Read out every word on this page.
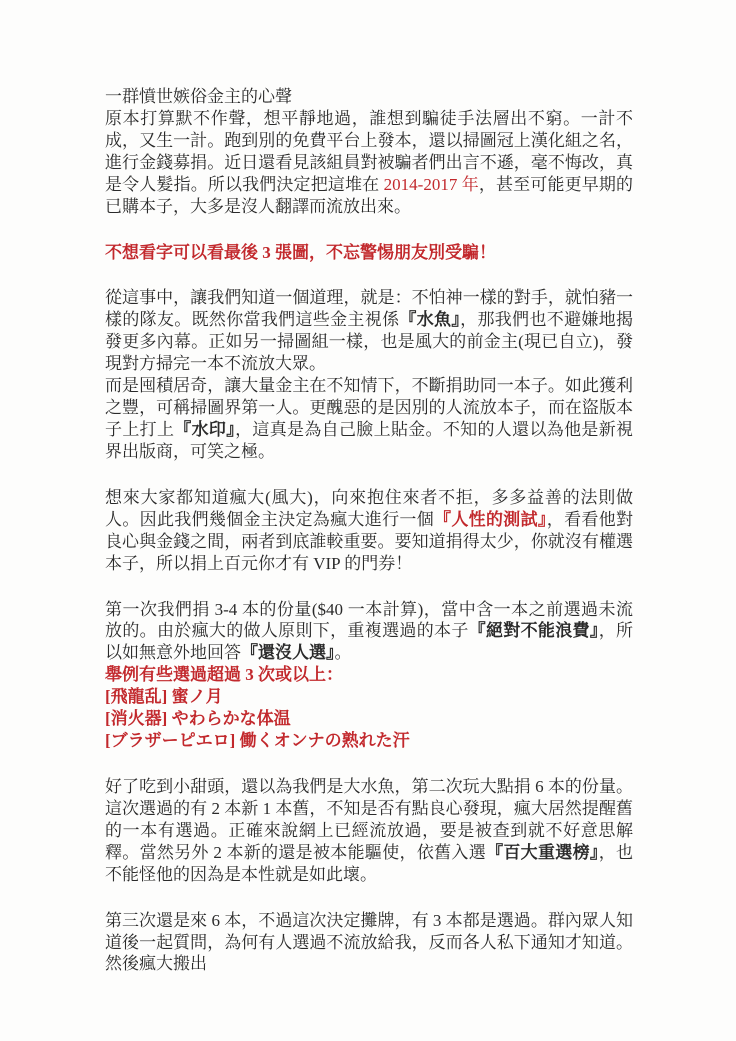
一群憤世嫉俗金主的心聲

原本打算默不作聲，想平靜地過，誰想到騙徒手法層出不窮。一計不成，又生一計。跑到別的免費平台上發本，還以掃圖冠上漢化組之名，進行金錢募捐。近日還看見該組員對被騙者們出言不遜，毫不悔改，真是令人髮指。所以我們決定把這堆在 2014-2017 年，甚至可能更早期的已購本子，大多是沒人翻譯而流放出來。

不想看字可以看最後 3 張圖，不忘警惕朋友別受騙！

從這事中，讓我們知道一個道理，就是：不怕神一樣的對手，就怕豬一樣的隊友。既然你當我們這些金主視係『水魚』，那我們也不避嫌地揭發更多內幕。正如另一掃圖組一樣，也是風大的前金主(現已自立)，發現對方掃完一本不流放大眾。

而是囤積居奇，讓大量金主在不知情下，不斷捐助同一本子。如此獲利之豐，可稱掃圖界第一人。更醜惡的是因別的人流放本子，而在盜版本子上打上『水印』，這真是為自己臉上貼金。不知的人還以為他是新視界出版商，可笑之極。

想來大家都知道瘋大(風大)，向來抱住來者不拒，多多益善的法則做人。因此我們幾個金主決定為瘋大進行一個『人性的測試』，看看他對良心與金錢之間，兩者到底誰較重要。要知道捐得太少，你就沒有權選本子，所以捐上百元你才有 VIP 的門券！

第一次我們捐 3-4 本的份量($40 一本計算)，當中含一本之前選過未流放的。由於瘋大的做人原則下，重複選過的本子『絕對不能浪費』，所以如無意外地回答『還沒人選』。

舉例有些選過超過 3 次或以上：

[飛龍乱] 蜜ノ月

[消火器] やわらかな体温

[ブラザーピエロ] 働くオンナの熟れた汗

好了吃到小甜頭，還以為我們是大水魚，第二次玩大點捐 6 本的份量。這次選過的有 2 本新 1 本舊，不知是否有點良心發現，瘋大居然提醒舊的一本有選過。正確來說網上已經流放過，要是被查到就不好意思解釋。當然另外 2 本新的還是被本能驅使，依舊入選『百大重選榜』，也不能怪他的因為是本性就是如此壞。

第三次還是來 6 本，不過這次決定攤牌，有 3 本都是選過。群內眾人知道後一起質問，為何有人選過不流放給我，反而各人私下通知才知道。然後瘋大搬出
